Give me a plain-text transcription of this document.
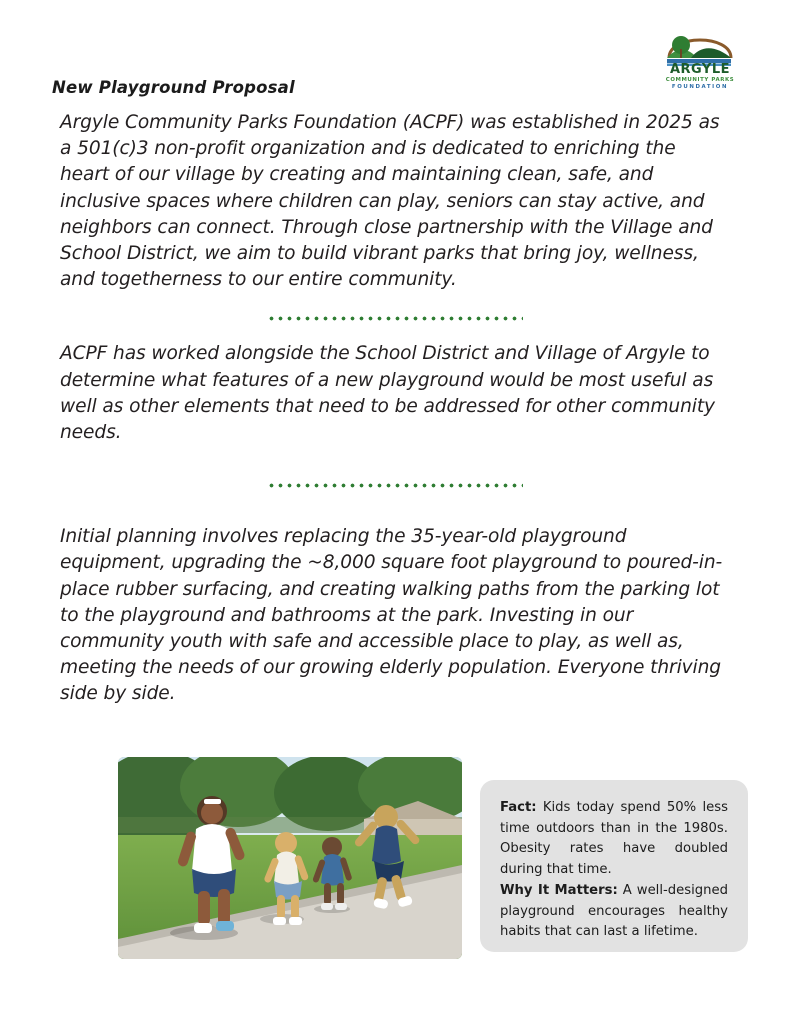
ARGYLE
COMMUNITY PARKS
FOUNDATION
New Playground Proposal

Argyle Community Parks Foundation (ACPF) was established in 2025 as a 501(c)3 non-profit organization and is dedicated to enriching the heart of our village by creating and maintaining clean, safe, and inclusive spaces where children can play, seniors can stay active, and neighbors can connect. Through close partnership with the Village and School District, we aim to build vibrant parks that bring joy, wellness, and togetherness to our entire community.

ACPF has worked alongside the School District and Village of Argyle to determine what features of a new playground would be most useful as well as other elements that need to be addressed for other community needs.

Initial planning involves replacing the 35-year-old playground equipment, upgrading the ~8,000 square foot playground to poured-in-place rubber surfacing, and creating walking paths from the parking lot to the playground and bathrooms at the park. Investing in our community youth with safe and accessible place to play, as well as, meeting the needs of our growing elderly population. Everyone thriving side by side.

Fact: Kids today spend 50% less time outdoors than in the 1980s. Obesity rates have doubled during that time.
Why It Matters: A well-designed playground encourages healthy habits that can last a lifetime.
